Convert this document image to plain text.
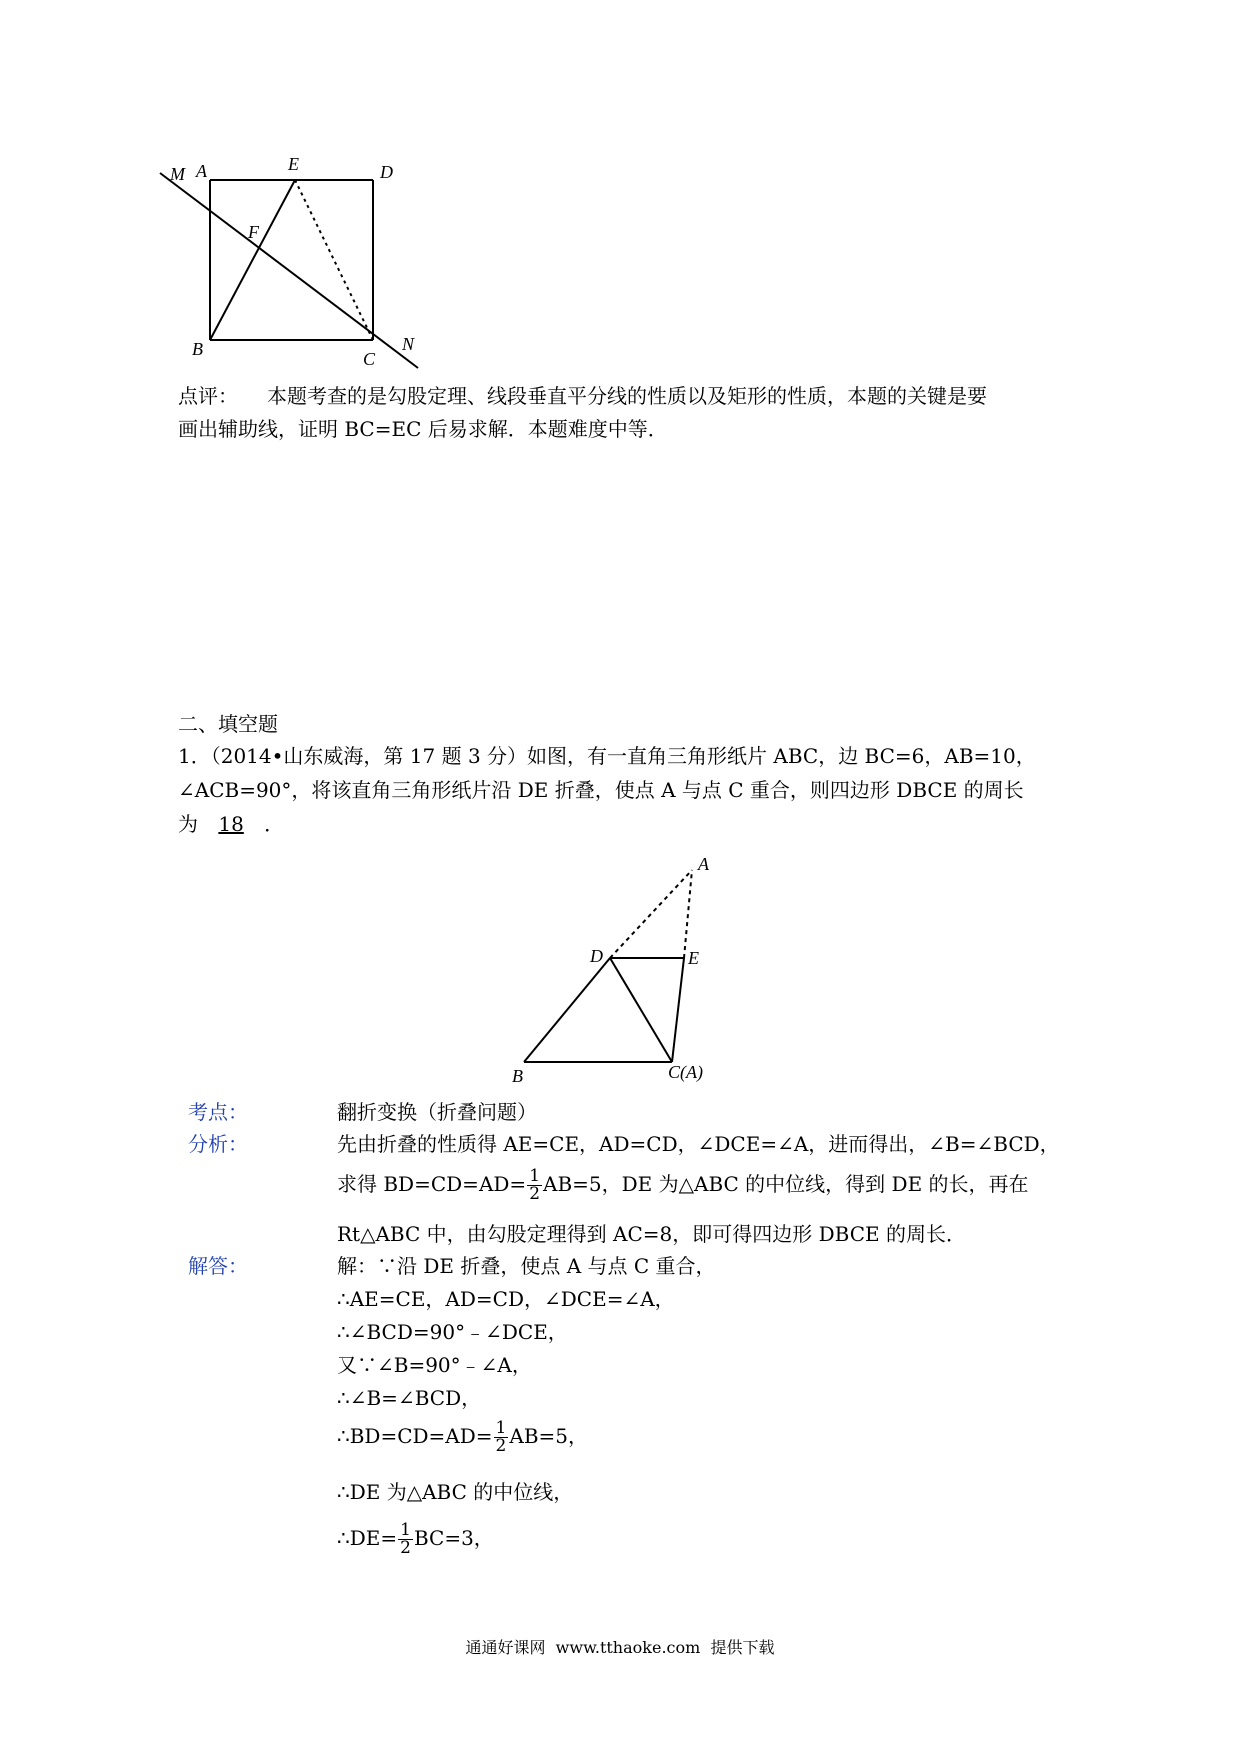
A	E	D
M
F
B	C
N
点评： 本题考查的是勾股定理、线段垂直平分线的性质以及矩形的性质，本题的关键是要
画出辅助线，证明 BC=EC 后易求解．本题难度中等．
二、填空题
1．（2014•山东威海，第 17 题 3 分）如图，有一直角三角形纸片 ABC，边 BC=6，AB=10，
∠ACB=90°，将该直角三角形纸片沿 DE 折叠，使点 A 与点 C 重合，则四边形 DBCE 的周长
为 18 ．
A
D	E
B	C(A)
考点：	翻折变换（折叠问题）
分析：	先由折叠的性质得 AE=CE，AD=CD，∠DCE=∠A，进而得出，∠B=∠BCD，
求得 $BD=CD=AD= \frac{1}{2} AB=5$，DE 为△ABC 的中位线，得到 DE 的长，再在
Rt△ABC 中，由勾股定理得到 AC=8，即可得四边形 DBCE 的周长．
解答：	解：∵沿 DE 折叠，使点 A 与点 C 重合，
∴AE=CE，AD=CD，∠DCE=∠A，
∴∠BCD=90°﹣∠DCE，
又∵∠B=90°﹣∠A，
∴∠B=∠BCD，
∴BD=CD=AD= $\frac{1}{2} AB=5$，
∴DE 为△ABC 的中位线，
∴DE= $\frac{1}{2} BC=3$，
通通好课网  www.tthaoke.com  提供下载
